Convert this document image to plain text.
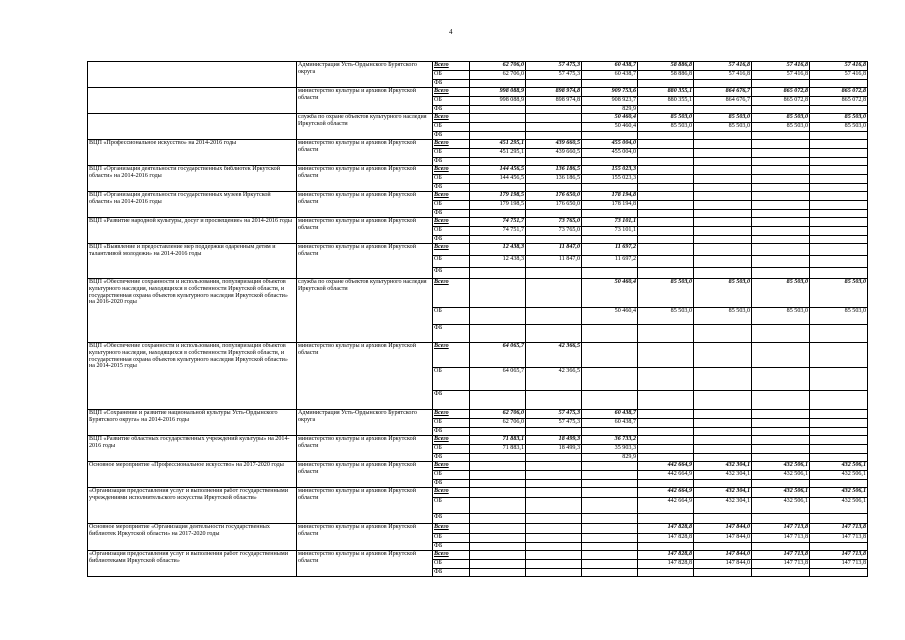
4
	Администрация Усть-Ордынского Бурятского округа	Всего	62 706,0	57 475,3	60 438,7	58 886,8	57 416,8	57 416,8	57 416,8
		ОБ	62 706,0	57 475,3	60 438,7	58 886,8	57 416,8	57 416,8	57 416,8
		ФБ							
	министерство культуры и архивов Иркутской области	Всего	998 088,9	898 974,8	909 753,6	880 355,1	864 676,7	865 072,8	865 072,8
		ОБ	998 088,9	898 974,8	908 923,7	880 355,1	864 676,7	865 072,8	865 072,8
		ФБ			829,9				
	служба по охране объектов культурного наследия Иркутской области	Всего			50 460,4	85 503,0	85 503,0	85 503,0	85 503,0
		ОБ			50 460,4	85 503,0	85 503,0	85 503,0	85 503,0
		ФБ							
ВЦП «Профессиональное искусство» на 2014-2016 годы	министерство культуры и архивов Иркутской области	Всего	451 295,1	439 660,5	455 004,0				
		ОБ	451 295,1	439 660,5	455 004,0				
		ФБ							
ВЦП «Организация деятельности государственных библиотек Иркутской области» на 2014-2016 годы	министерство культуры и архивов Иркутской области	Всего	144 456,5	136 186,5	155 023,3				
		ОБ	144 456,5	136 186,5	155 023,3				
		ФБ							
ВЦП «Организация деятельности государственных музеев Иркутской области» на 2014-2016 годы	министерство культуры и архивов Иркутской области	Всего	179 198,5	176 650,0	178 194,8				
		ОБ	179 198,5	176 650,0	178 194,8				
		ФБ							
ВЦП «Развитие народной культуры, досуг и просвещение» на 2014-2016 годы	министерство культуры и архивов Иркутской области	Всего	74 751,7	73 765,0	73 101,1				
		ОБ	74 751,7	73 765,0	73 101,1				
		ФБ							
ВЦП «Выявление и предоставление мер поддержки одаренным детям и талантливой молодежи» на 2014-2016 годы	министерство культуры и архивов Иркутской области	Всего	12 438,3	11 847,0	11 697,2				
		ОБ	12 438,3	11 847,0	11 697,2				
		ФБ							
ВЦП «Обеспечение сохранности и использования, популяризация объектов культурного наследия, находящихся в собственности Иркутской области, и государственная охрана объектов культурного наследия Иркутской области» на 2016-2020 годы	служба по охране объектов культурного наследия Иркутской области	Всего			50 460,4	85 503,0	85 503,0	85 503,0	85 503,0
		ОБ			50 460,4	85 503,0	85 503,0	85 503,0	85 503,0
		ФБ							
ВЦП «Обеспечение сохранности и использования, популяризация объектов культурного наследия, находящихся в собственности Иркутской области, и государственная охрана объектов культурного наследия Иркутской области» на 2014-2015 годы	министерство культуры и архивов Иркутской области	Всего	64 065,7	42 366,5					
		ОБ	64 065,7	42 366,5					
		ФБ							
ВЦП «Сохранение и развитие национальной культуры Усть-Ордынского Бурятского округа» на 2014-2016 годы	Администрация Усть-Ордынского Бурятского округа	Всего	62 706,0	57 475,3	60 438,7				
		ОБ	62 706,0	57 475,3	60 438,7				
		ФБ							
ВЦП «Развитие областных государственных учреждений культуры» на 2014-2016 годы	министерство культуры и архивов Иркутской области	Всего	71 883,1	18 499,3	36 733,2				
		ОБ	71 883,1	18 499,3	35 903,3				
		ФБ			829,9				
Основное мероприятие «Профессиональное искусство» на 2017-2020 годы	министерство культуры и архивов Иркутской области	Всего				442 664,9	432 304,1	432 506,1	432 506,1
		ОБ				442 664,9	432 304,1	432 506,1	432 506,1
		ФБ							
«Организация предоставления услуг и выполнения работ государственными учреждениями исполнительского искусства Иркутской области»	министерство культуры и архивов Иркутской области	Всего				442 664,9	432 304,1	432 506,1	432 506,1
		ОБ				442 664,9	432 304,1	432 506,1	432 506,1
		ФБ							
Основное мероприятие «Организация деятельности государственных библиотек Иркутской области» на 2017-2020 годы	министерство культуры и архивов Иркутской области	Всего				147 828,8	147 844,0	147 713,8	147 713,8
		ОБ				147 828,8	147 844,0	147 713,8	147 713,8
		ФБ							
«Организация предоставления услуг и выполнения работ государственными библиотеками Иркутской области»	министерство культуры и архивов Иркутской области	Всего				147 828,8	147 844,0	147 713,8	147 713,8
		ОБ				147 828,8	147 844,0	147 713,8	147 713,8
		ФБ							
